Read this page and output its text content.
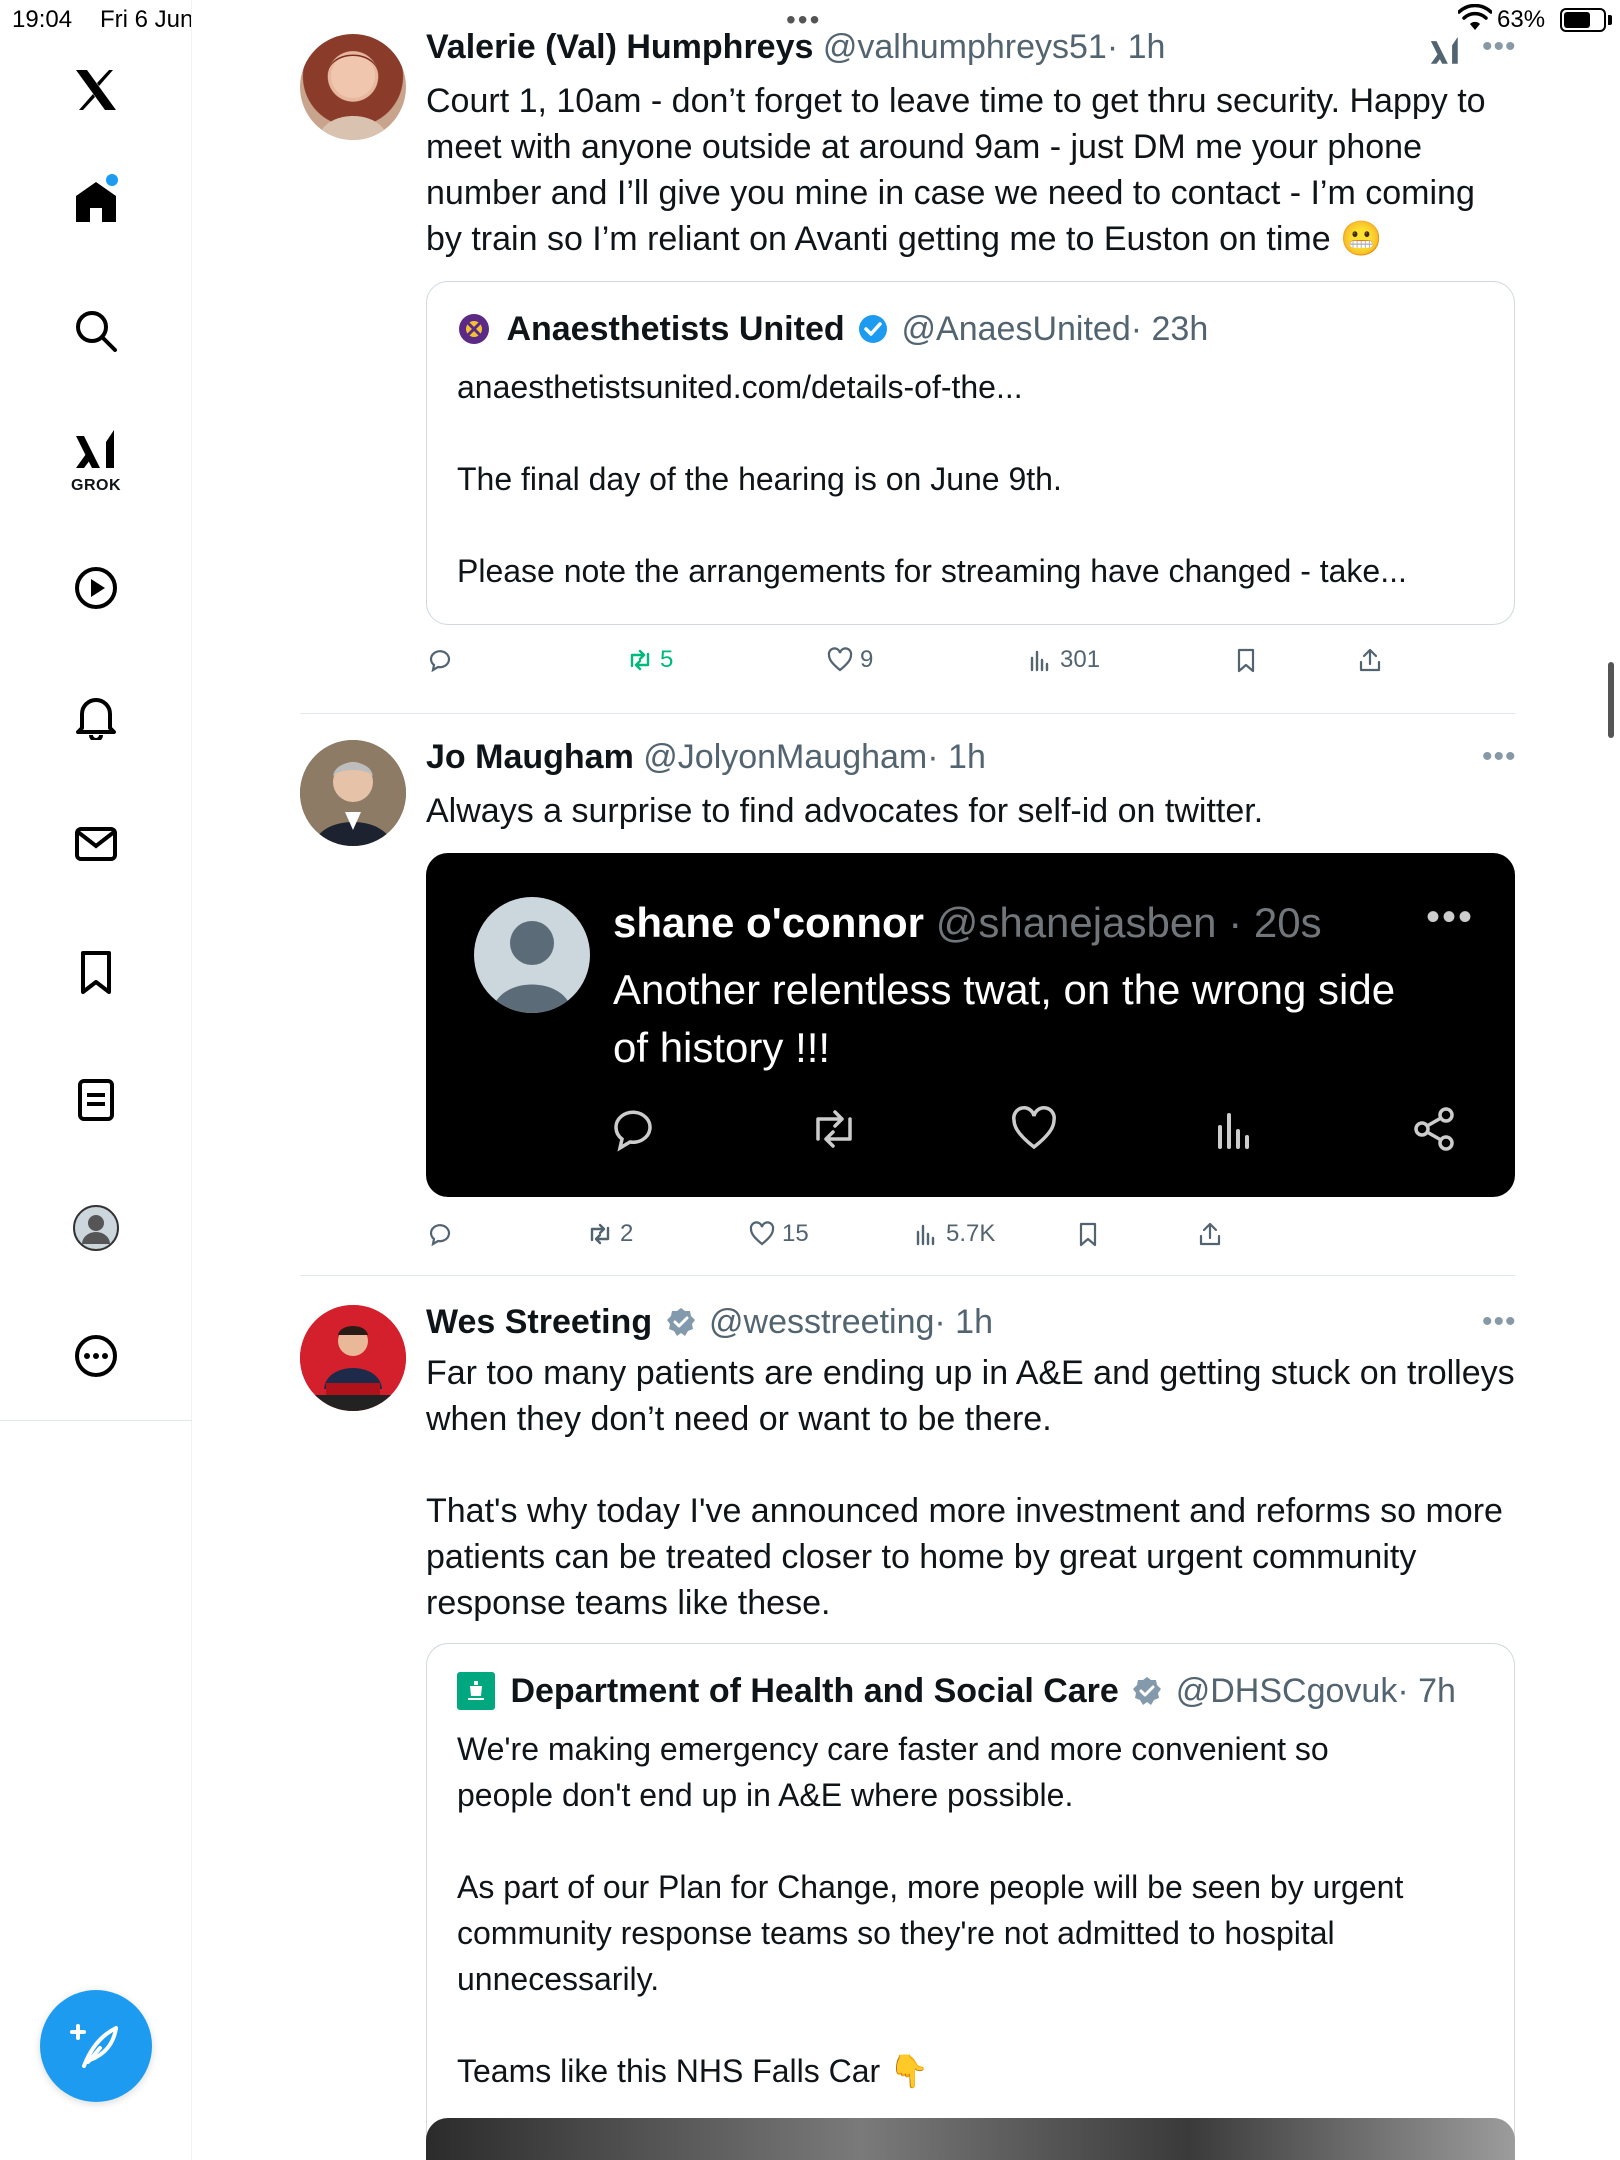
19:04 Fri 6 Jun	•••	63%
GROK
Valerie (Val) Humphreys @valhumphreys51· 1h	•••
Court 1, 10am - don’t forget to leave time to get thru security. Happy to
meet with anyone outside at around 9am - just DM me your phone
number and I’ll give you mine in case we need to contact - I’m coming
by train so I’m reliant on Avanti getting me to Euston on time 😬
Anaesthetists United @AnaesUnited· 23h
anaesthetistsunited.com/details-of-the...

The final day of the hearing is on June 9th.

Please note the arrangements for streaming have changed - take...
5	9	301
Jo Maugham @JolyonMaugham· 1h	•••
Always a surprise to find advocates for self-id on twitter.
shane o'connor @shanejasben · 20s	•••
Another relentless twat, on the wrong side
of history !!!
2	15	5.7K
Wes Streeting @wesstreeting· 1h	•••
Far too many patients are ending up in A&E and getting stuck on trolleys
when they don’t need or want to be there.

That's why today I've announced more investment and reforms so more
patients can be treated closer to home by great urgent community
response teams like these.
Department of Health and Social Care @DHSCgovuk· 7h
We're making emergency care faster and more convenient so
people don't end up in A&E where possible.

As part of our Plan for Change, more people will be seen by urgent
community response teams so they're not admitted to hospital
unnecessarily.

Teams like this NHS Falls Car 👇
